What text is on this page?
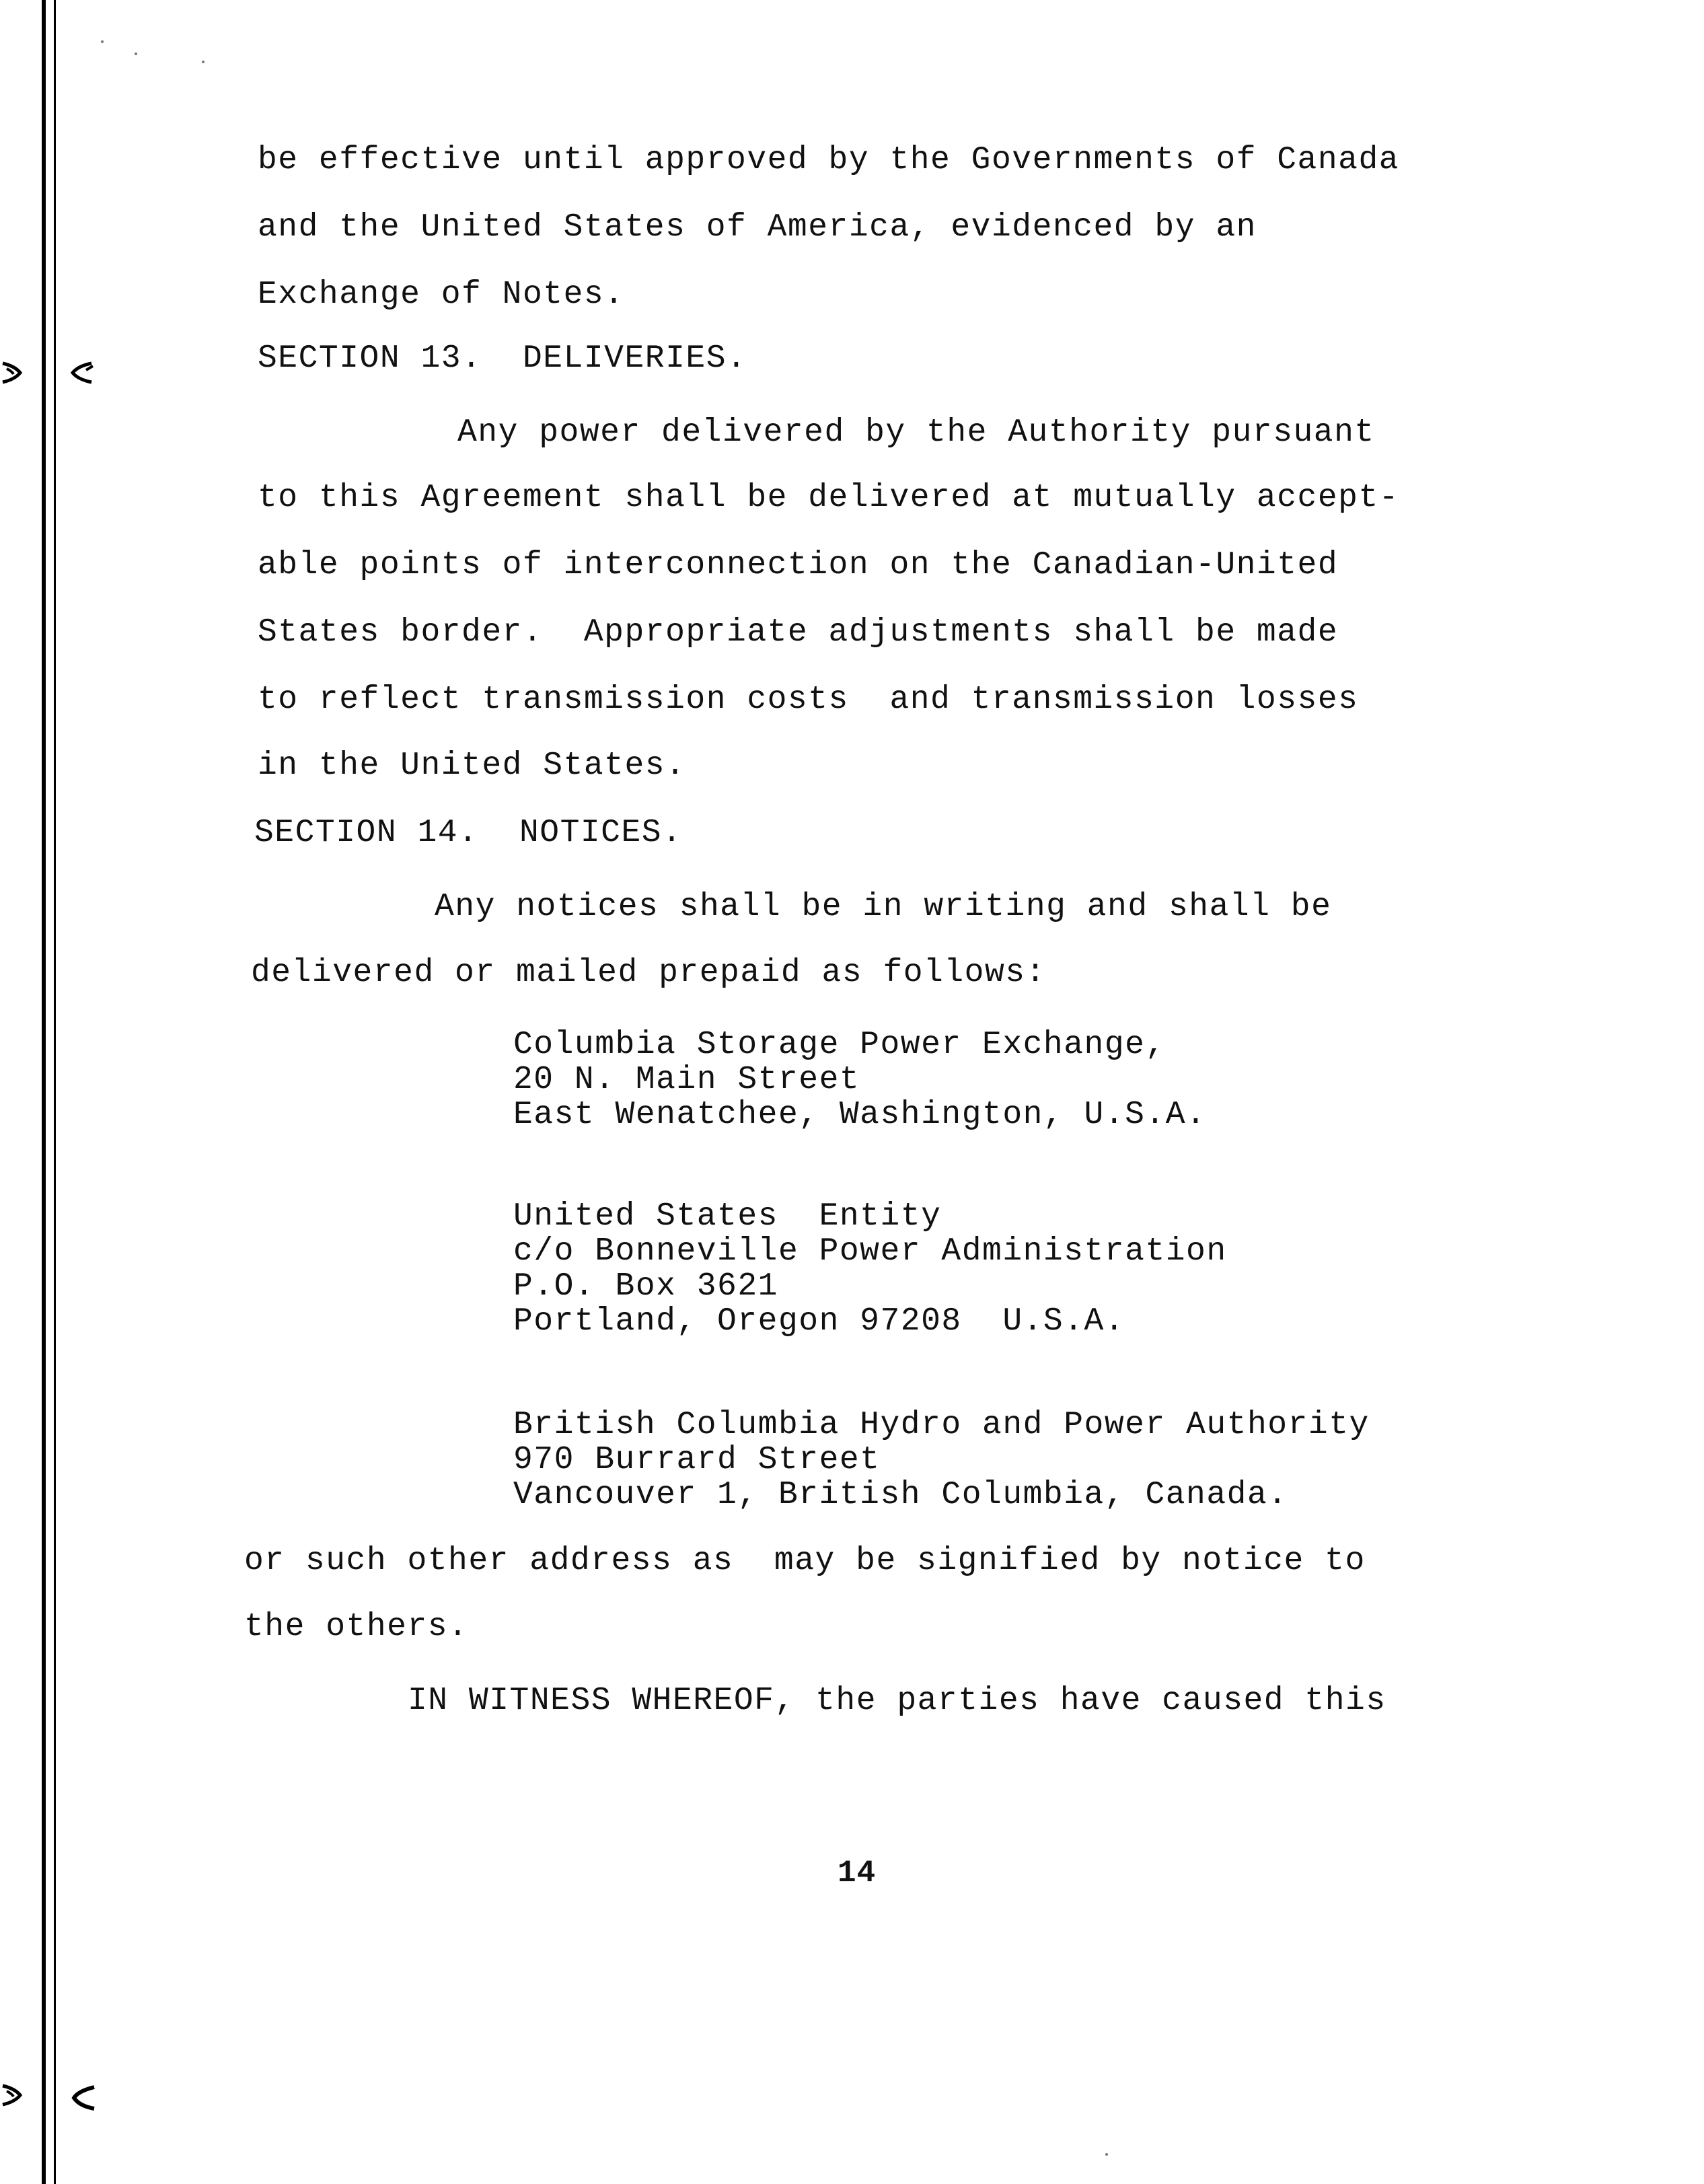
be effective until approved by the Governments of Canada
and the United States of America, evidenced by an
Exchange of Notes.
SECTION 13.  DELIVERIES.
Any power delivered by the Authority pursuant
to this Agreement shall be delivered at mutually accept-
able points of interconnection on the Canadian-United
States border.  Appropriate adjustments shall be made
to reflect transmission costs  and transmission losses
in the United States.
SECTION 14.  NOTICES.
Any notices shall be in writing and shall be
delivered or mailed prepaid as follows:
Columbia Storage Power Exchange,
20 N. Main Street
East Wenatchee, Washington, U.S.A.
United States  Entity
c/o Bonneville Power Administration
P.O. Box 3621
Portland, Oregon 97208  U.S.A.
British Columbia Hydro and Power Authority
970 Burrard Street
Vancouver 1, British Columbia, Canada.
or such other address as  may be signified by notice to
the others.
IN WITNESS WHEREOF, the parties have caused this
14
